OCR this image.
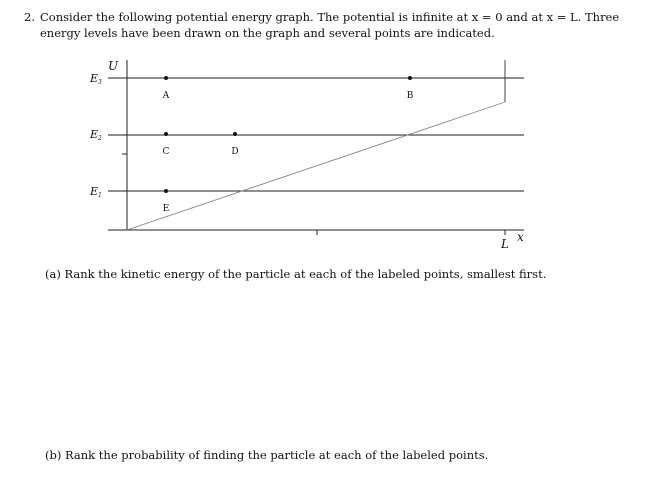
2. Consider the following potential energy graph. The potential is infinite at x = 0 and at x = L. Three
energy levels have been drawn on the graph and several points are indicated.
U
x
L
E3
E2
E1
A	B
C	D
E
(a) Rank the kinetic energy of the particle at each of the labeled points, smallest first.
(b) Rank the probability of finding the particle at each of the labeled points.
